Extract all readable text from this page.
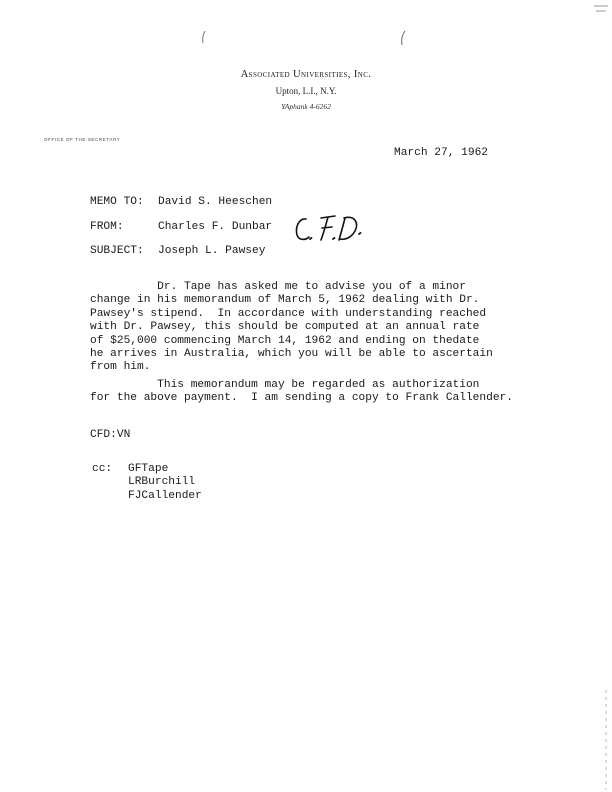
Associated Universities, Inc.
Upton, L.I., N.Y.
YAphank 4-6262
OFFICE OF THE SECRETARY
March 27, 1962
MEMO TO: David S. Heeschen
FROM:	Charles F. Dunbar
SUBJECT: Joseph L. Pawsey
Dr. Tape has asked me to advise you of a minor
change in his memorandum of March 5, 1962 dealing with Dr.
Pawsey's stipend.  In accordance with understanding reached
with Dr. Pawsey, this should be computed at an annual rate
of $25,000 commencing March 14, 1962 and ending on thedate
he arrives in Australia, which you will be able to ascertain
from him.
This memorandum may be regarded as authorization
for the above payment.  I am sending a copy to Frank Callender.
CFD:VN
cc: GFTape
LRBurchill
FJCallender
